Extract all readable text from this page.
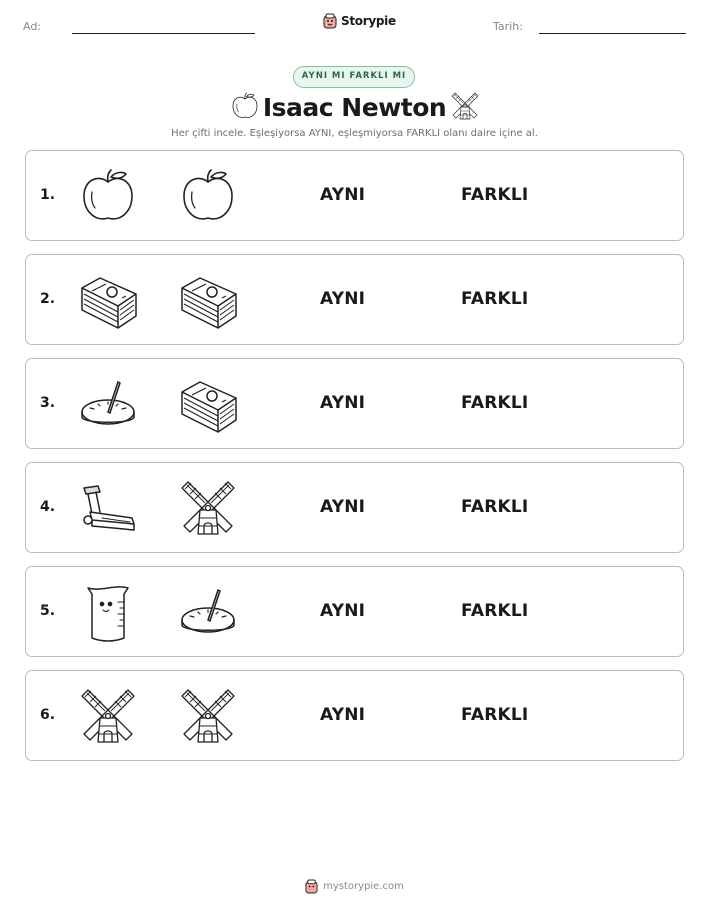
Ad:	Storypie	Tarih:
AYNI MI FARKLI MI
Isaac Newton
Her çifti incele. Eşleşiyorsa AYNI, eşleşmiyorsa FARKLI olanı daire içine al.
1.	AYNI	FARKLI
2.	AYNI	FARKLI
3.	AYNI	FARKLI
4.	AYNI	FARKLI
5.	AYNI	FARKLI
6.	AYNI	FARKLI
mystorypie.com
